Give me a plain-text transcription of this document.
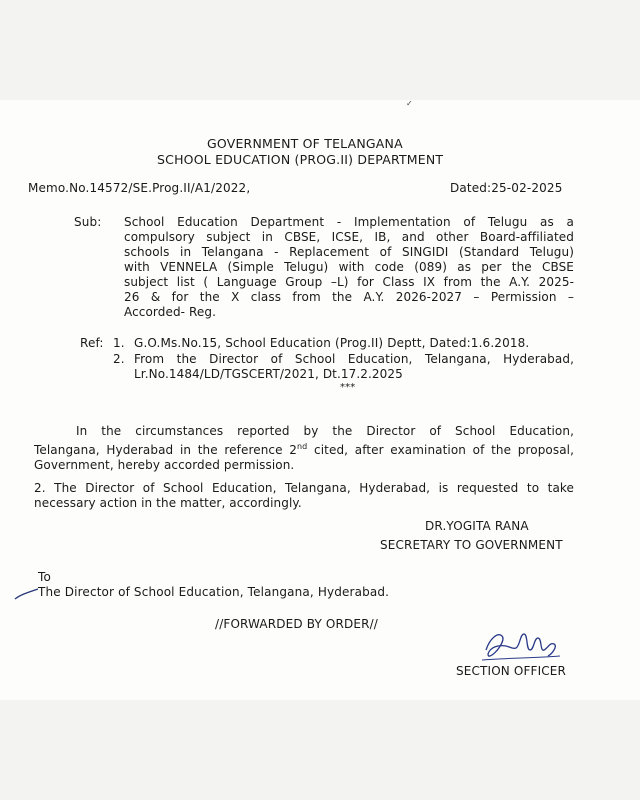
✓
GOVERNMENT OF TELANGANA
SCHOOL EDUCATION (PROG.II) DEPARTMENT
Memo.No.14572/SE.Prog.II/A1/2022,	Dated:25-02-2025
Sub: School Education Department - Implementation of Telugu as a
compulsory subject in CBSE, ICSE, IB, and other Board-affiliated
schools in Telangana - Replacement of SINGIDI (Standard Telugu)
with VENNELA (Simple Telugu) with code (089) as per the CBSE
subject list ( Language Group –L) for Class IX from the A.Y. 2025-
26 & for the X class from the A.Y. 2026-2027 – Permission –
Accorded- Reg.
Ref: 1. G.O.Ms.No.15, School Education (Prog.II) Deptt, Dated:1.6.2018.
2. From the Director of School Education, Telangana, Hyderabad,
Lr.No.1484/LD/TGSCERT/2021, Dt.17.2.2025
***
In the circumstances reported by the Director of School Education,
Telangana, Hyderabad in the reference 2nd cited, after examination of the proposal,
Government, hereby accorded permission.
2. The Director of School Education, Telangana, Hyderabad, is requested to take
necessary action in the matter, accordingly.
DR.YOGITA RANA
SECRETARY TO GOVERNMENT
To
The Director of School Education, Telangana, Hyderabad.
//FORWARDED BY ORDER//
SECTION OFFICER
